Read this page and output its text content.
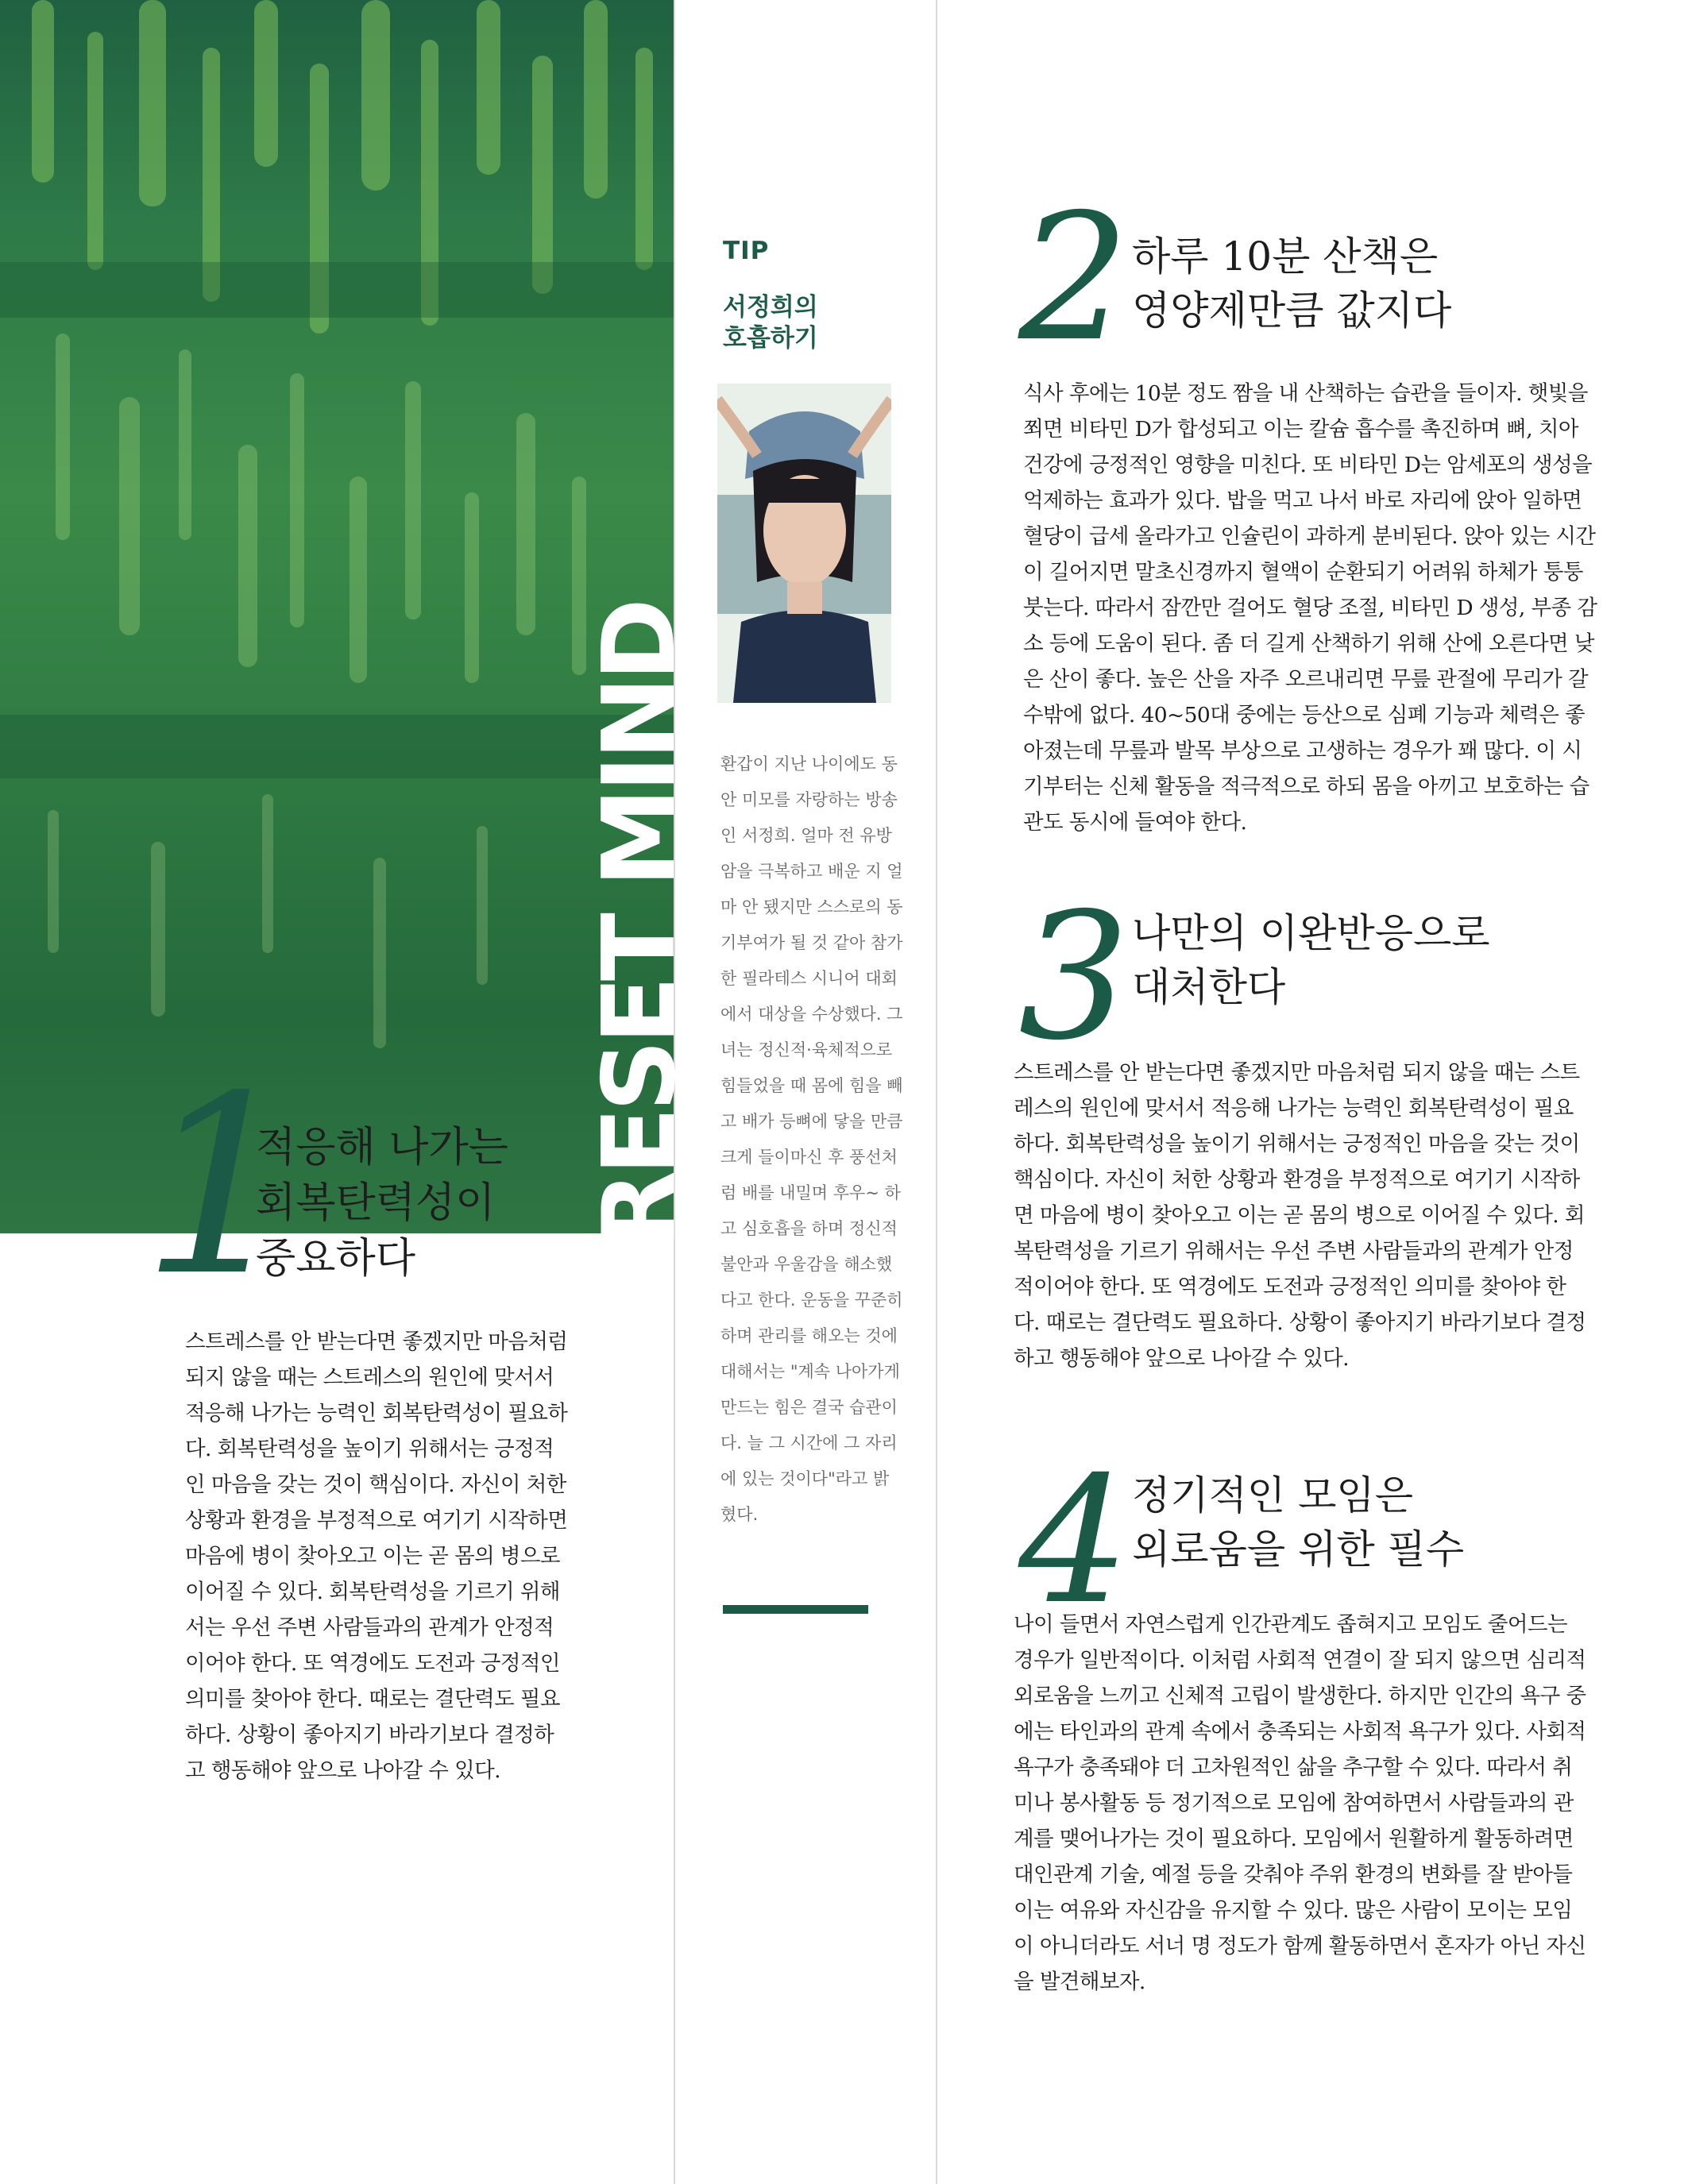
RESET MIND
1
적응해 나가는
회복탄력성이
중요하다
스트레스를 안 받는다면 좋겠지만 마음처럼 되지 않을 때는 스트레스의 원인에 맞서서 적응해 나가는 능력인 회복탄력성이 필요하다. 회복탄력성을 높이기 위해서는 긍정적인 마음을 갖는 것이 핵심이다. 자신이 처한 상황과 환경을 부정적으로 여기기 시작하면 마음에 병이 찾아오고 이는 곧 몸의 병으로 이어질 수 있다. 회복탄력성을 기르기 위해서는 우선 주변 사람들과의 관계가 안정적이어야 한다. 또 역경에도 도전과 긍정적인 의미를 찾아야 한다. 때로는 결단력도 필요하다. 상황이 좋아지기 바라기보다 결정하고 행동해야 앞으로 나아갈 수 있다.
TIP
서정희의
호흡하기
환갑이 지난 나이에도 동안 미모를 자랑하는 방송인 서정희. 얼마 전 유방암을 극복하고 배운 지 얼마 안 됐지만 스스로의 동기부여가 될 것 같아 참가한 필라테스 시니어 대회에서 대상을 수상했다. 그녀는 정신적·육체적으로 힘들었을 때 몸에 힘을 빼고 배가 등뼈에 닿을 만큼 크게 들이마신 후 풍선처럼 배를 내밀며 후우~ 하고 심호흡을 하며 정신적 불안과 우울감을 해소했다고 한다. 운동을 꾸준히 하며 관리를 해오는 것에 대해서는 "계속 나아가게 만드는 힘은 결국 습관이다. 늘 그 시간에 그 자리에 있는 것이다"라고 밝혔다.
2 하루 10분 산책은
영양제만큼 값지다
식사 후에는 10분 정도 짬을 내 산책하는 습관을 들이자. 햇빛을 쬐면 비타민 D가 합성되고 이는 칼슘 흡수를 촉진하며 뼈, 치아 건강에 긍정적인 영향을 미친다. 또 비타민 D는 암세포의 생성을 억제하는 효과가 있다. 밥을 먹고 나서 바로 자리에 앉아 일하면 혈당이 급세 올라가고 인슐린이 과하게 분비된다. 앉아 있는 시간이 길어지면 말초신경까지 혈액이 순환되기 어려워 하체가 퉁퉁 붓는다. 따라서 잠깐만 걸어도 혈당 조절, 비타민 D 생성, 부종 감소 등에 도움이 된다. 좀 더 길게 산책하기 위해 산에 오른다면 낮은 산이 좋다. 높은 산을 자주 오르내리면 무릎 관절에 무리가 갈 수밖에 없다. 40~50대 중에는 등산으로 심폐 기능과 체력은 좋아졌는데 무릎과 발목 부상으로 고생하는 경우가 꽤 많다. 이 시기부터는 신체 활동을 적극적으로 하되 몸을 아끼고 보호하는 습관도 동시에 들여야 한다.
3 나만의 이완반응으로
대처한다
스트레스를 안 받는다면 좋겠지만 마음처럼 되지 않을 때는 스트레스의 원인에 맞서서 적응해 나가는 능력인 회복탄력성이 필요하다. 회복탄력성을 높이기 위해서는 긍정적인 마음을 갖는 것이 핵심이다. 자신이 처한 상황과 환경을 부정적으로 여기기 시작하면 마음에 병이 찾아오고 이는 곧 몸의 병으로 이어질 수 있다. 회복탄력성을 기르기 위해서는 우선 주변 사람들과의 관계가 안정적이어야 한다. 또 역경에도 도전과 긍정적인 의미를 찾아야 한다. 때로는 결단력도 필요하다. 상황이 좋아지기 바라기보다 결정하고 행동해야 앞으로 나아갈 수 있다.
4 정기적인 모임은
외로움을 위한 필수
나이 들면서 자연스럽게 인간관계도 좁혀지고 모임도 줄어드는 경우가 일반적이다. 이처럼 사회적 연결이 잘 되지 않으면 심리적 외로움을 느끼고 신체적 고립이 발생한다. 하지만 인간의 욕구 중에는 타인과의 관계 속에서 충족되는 사회적 욕구가 있다. 사회적 욕구가 충족돼야 더 고차원적인 삶을 추구할 수 있다. 따라서 취미나 봉사활동 등 정기적으로 모임에 참여하면서 사람들과의 관계를 맺어나가는 것이 필요하다. 모임에서 원활하게 활동하려면 대인관계 기술, 예절 등을 갖춰야 주위 환경의 변화를 잘 받아들이는 여유와 자신감을 유지할 수 있다. 많은 사람이 모이는 모임이 아니더라도 서너 명 정도가 함께 활동하면서 혼자가 아닌 자신을 발견해보자.
